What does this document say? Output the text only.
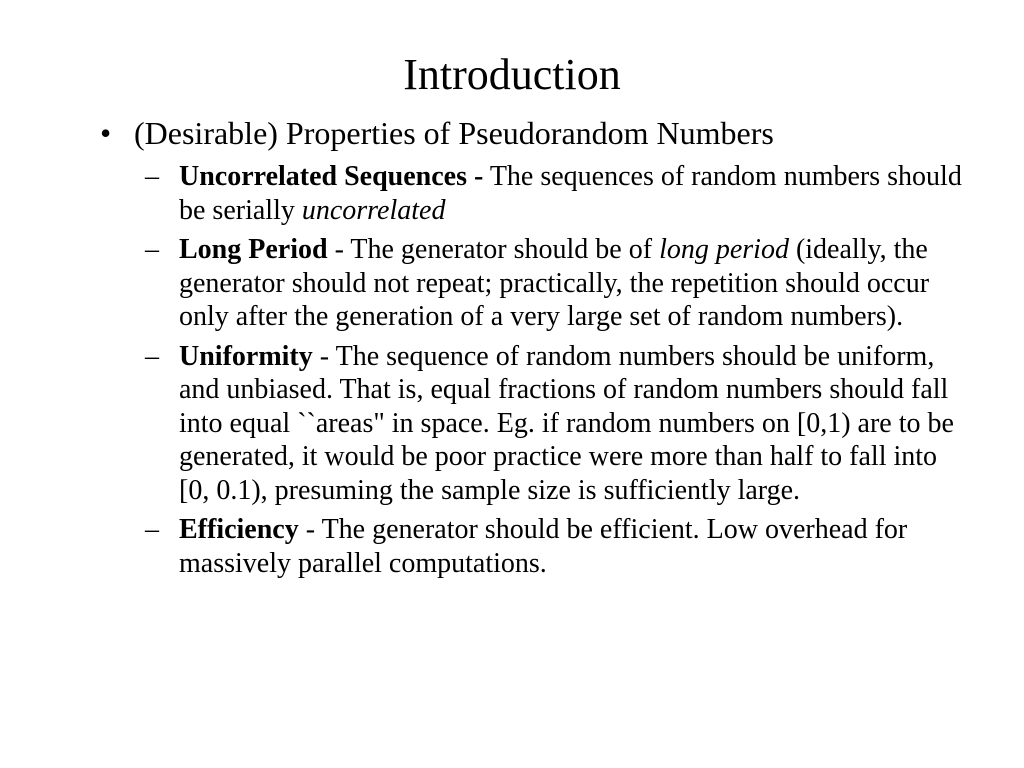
Introduction
• (Desirable) Properties of Pseudorandom Numbers
– Uncorrelated Sequences - The sequences of random numbers should be serially uncorrelated
– Long Period - The generator should be of long period (ideally, the generator should not repeat; practically, the repetition should occur only after the generation of a very large set of random numbers).
– Uniformity - The sequence of random numbers should be uniform, and unbiased. That is, equal fractions of random numbers should fall into equal ``areas" in space. Eg. if random numbers on [0,1) are to be generated, it would be poor practice were more than half to fall into [0, 0.1), presuming the sample size is sufficiently large.
– Efficiency - The generator should be efficient. Low overhead for massively parallel computations.
